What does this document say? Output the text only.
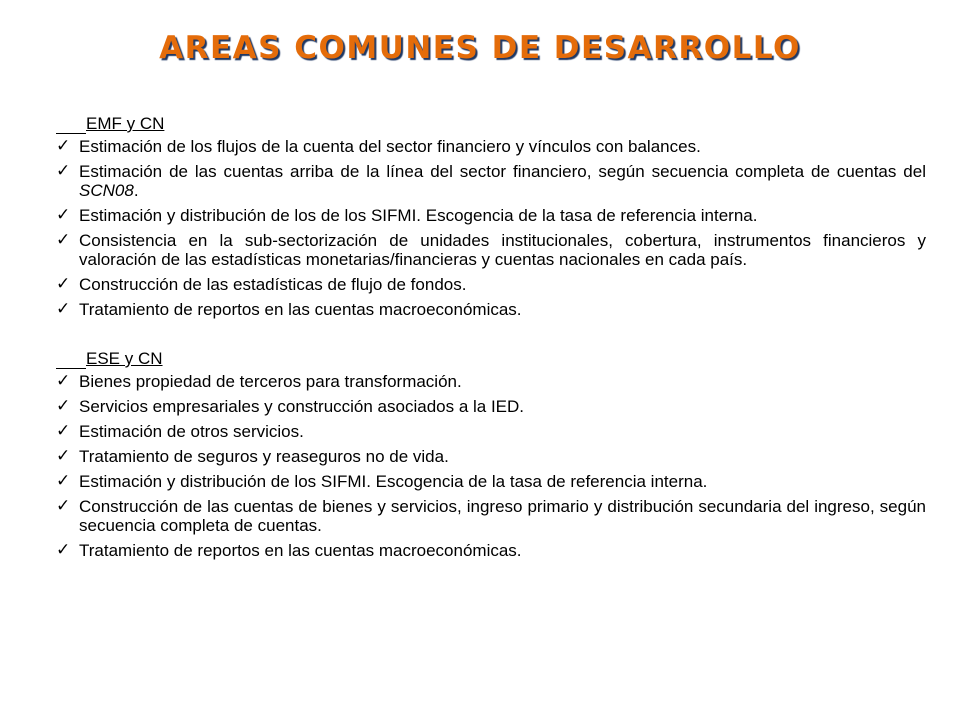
AREAS COMUNES DE DESARROLLO
EMF y CN
✓ Estimación de los flujos de la cuenta del sector financiero y vínculos con balances.
✓ Estimación de las cuentas arriba de la línea del sector financiero, según secuencia completa de cuentas del SCN08.
✓ Estimación y distribución de los de los SIFMI. Escogencia de la tasa de referencia interna.
✓ Consistencia en la sub-sectorización de unidades institucionales, cobertura, instrumentos financieros y valoración de las estadísticas monetarias/financieras y cuentas nacionales en cada país.
✓ Construcción de las estadísticas de flujo de fondos.
✓ Tratamiento de reportos en las cuentas macroeconómicas.
ESE y CN
✓ Bienes propiedad de terceros para transformación.
✓ Servicios empresariales y construcción asociados a la IED.
✓ Estimación de otros servicios.
✓ Tratamiento de seguros y reaseguros no de vida.
✓ Estimación y distribución de los SIFMI. Escogencia de la tasa de referencia interna.
✓ Construcción de las cuentas de bienes y servicios, ingreso primario y distribución secundaria del ingreso, según secuencia completa de cuentas.
✓ Tratamiento de reportos en las cuentas macroeconómicas.
